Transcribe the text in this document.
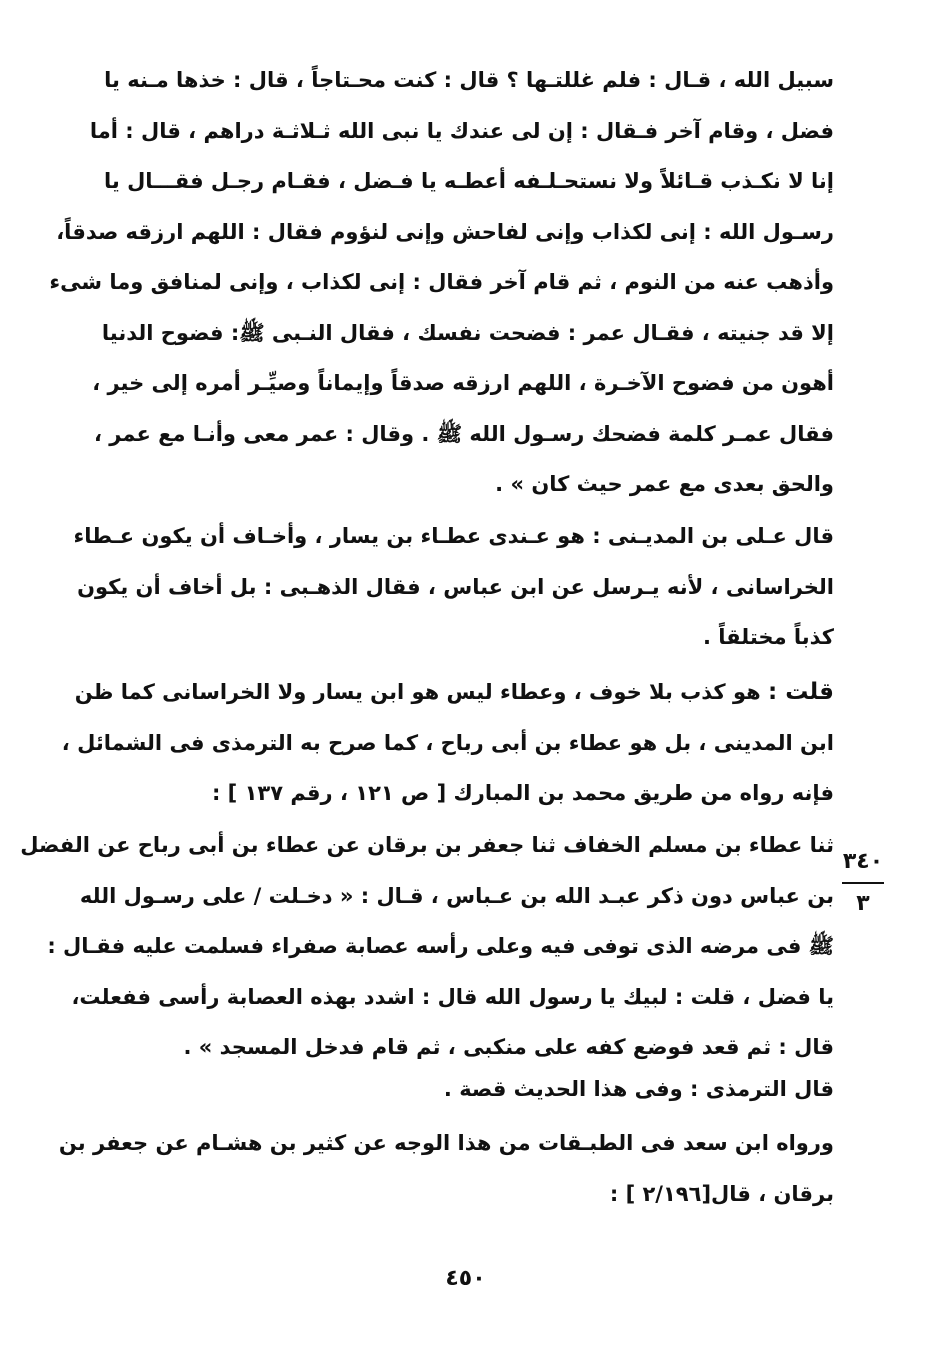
سبيل الله ، قـال : فلم غللتـها ؟ قال : كنت محـتاجاً ، قال : خذها مـنه يا
فضل ، وقام آخر فـقال : إن لى عندك يا نبى الله ثـلاثـة دراهم ، قال : أما
إنا لا نكـذب قـائلاً ولا نستحـلـفه أعطـه يا فـضل ، فقـام رجـل فقـــال يا
رسـول الله : إنى لكذاب وإنى لفاحش وإنى لنؤوم فقال : اللهم ارزقه صدقاً،
وأذهب عنه من النوم ، ثم قام آخر فقال : إنى لكذاب ، وإنى لمنافق وما شىء
إلا قد جنيته ، فقـال عمر : فضحت نفسك ، فقال النـبى ﷺ: فضوح الدنيا
أهون من فضوح الآخـرة ، اللهم ارزقه صدقاً وإيماناً وصيِّـر أمره إلى خير ،
فقال عمـر كلمة فضحك رسـول الله ﷺ . وقال : عمر معى وأنـا مع عمر ،
والحق بعدى مع عمر حيث كان » .
قال عـلى بن المديـنى : هو عـندى عطـاء بن يسار ، وأخـاف أن يكون عـطاء
الخراسانى ، لأنه يـرسل عن ابن عباس ، فقال الذهـبى : بل أخاف أن يكون
كذباً مختلقاً .
قلت : هو كذب بلا خوف ، وعطاء ليس هو ابن يسار ولا الخراسانى كما ظن
ابن المدينى ، بل هو عطاء بن أبى رباح ، كما صرح به الترمذى فى الشمائل ،
فإنه رواه من طريق محمد بن المبارك [ ص ١٢١ ، رقم ١٣٧ ] :
ثنا عطاء بن مسلم الخفاف ثنا جعفر بن برقان عن عطاء بن أبى رباح عن الفضل
بن عباس دون ذكر عبـد الله بن عـباس ، قـال : « دخـلت / على رسـول الله
ﷺ فى مرضه الذى توفى فيه وعلى رأسه عصابة صفراء فسلمت عليه فقـال :
يا فضل ، قلت : لبيك يا رسول الله قال : اشدد بهذه العصابة رأسى ففعلت،
قال : ثم قعد فوضع كفه على منكبى ، ثم قام فدخل المسجد » .
قال الترمذى : وفى هذا الحديث قصة .
ورواه ابن سعد فى الطبـقات من هذا الوجه عن كثير بن هشـام عن جعفر بن
برقان ، قال[٢/١٩٦ ] :
٣٤٠
٣
٤٥٠
